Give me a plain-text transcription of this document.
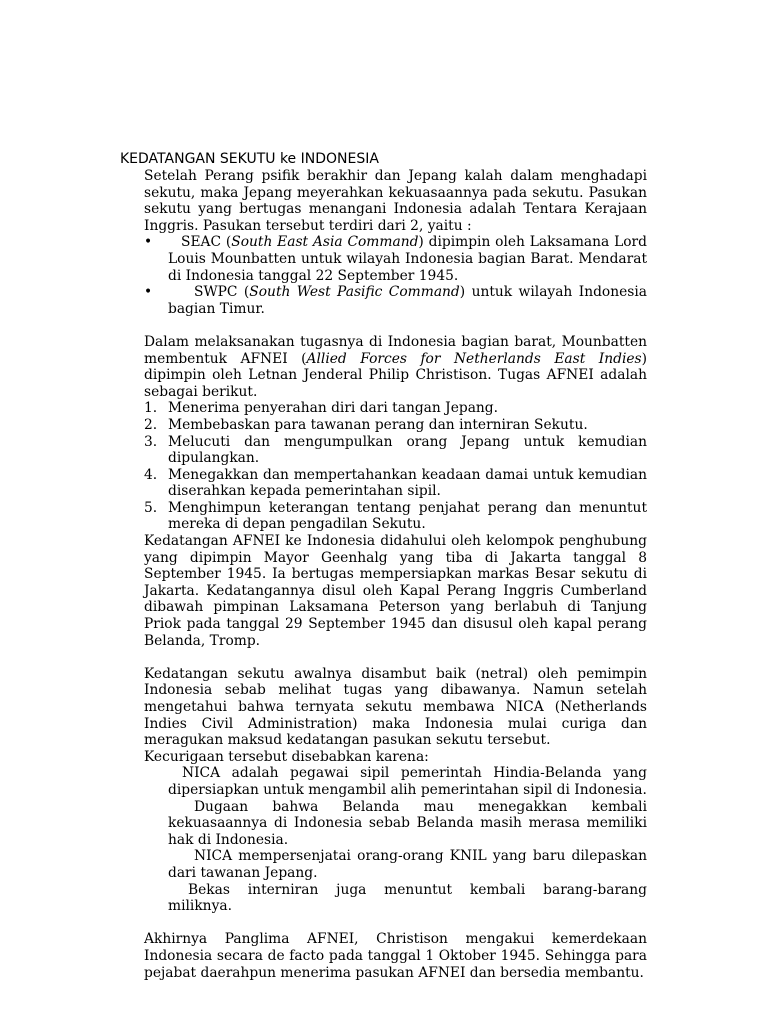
KEDATANGAN SEKUTU ke INDONESIA

Setelah Perang psifik berakhir dan Jepang kalah dalam menghadapi sekutu, maka Jepang meyerahkan kekuasaannya pada sekutu. Pasukan sekutu yang bertugas menangani Indonesia adalah Tentara Kerajaan Inggris. Pasukan tersebut terdiri dari 2, yaitu :

• SEAC (South East Asia Command) dipimpin oleh Laksamana Lord Louis Mounbatten untuk wilayah Indonesia bagian Barat. Mendarat di Indonesia tanggal 22 September 1945.
•	SWPC (South West Pasific Command) untuk wilayah Indonesia bagian Timur.

Dalam melaksanakan tugasnya di Indonesia bagian barat, Mounbatten membentuk AFNEI (Allied Forces for Netherlands East Indies) dipimpin oleh Letnan Jenderal Philip Christison. Tugas AFNEI adalah sebagai berikut.

1. Menerima penyerahan diri dari tangan Jepang.
2. Membebaskan para tawanan perang dan interniran Sekutu.
3. Melucuti dan mengumpulkan orang Jepang untuk kemudian dipulangkan.
4. Menegakkan dan mempertahankan keadaan damai untuk kemudian diserahkan kepada pemerintahan sipil.
5. Menghimpun keterangan tentang penjahat perang dan menuntut mereka di depan pengadilan Sekutu.

Kedatangan AFNEI ke Indonesia didahului oleh kelompok penghubung yang dipimpin Mayor Geenhalg yang tiba di Jakarta tanggal 8 September 1945. Ia bertugas mempersiapkan markas Besar sekutu di Jakarta. Kedatangannya disul oleh Kapal Perang Inggris Cumberland dibawah pimpinan Laksamana Peterson yang berlabuh di Tanjung Priok pada tanggal 29 September 1945 dan disusul oleh kapal perang Belanda, Tromp.

Kedatangan sekutu awalnya disambut baik (netral) oleh pemimpin Indonesia sebab melihat tugas yang dibawanya. Namun setelah mengetahui bahwa ternyata sekutu membawa NICA (Netherlands Indies Civil Administration) maka Indonesia mulai curiga dan meragukan maksud kedatangan pasukan sekutu tersebut.

Kecurigaan tersebut disebabkan karena:

NICA adalah pegawai sipil pemerintah Hindia-Belanda yang dipersiapkan untuk mengambil alih pemerintahan sipil di Indonesia.
Dugaan bahwa Belanda mau menegakkan kembali kekuasaannya di Indonesia sebab Belanda masih merasa memiliki hak di Indonesia.
NICA mempersenjatai orang-orang KNIL yang baru dilepaskan dari tawanan Jepang.
Bekas interniran juga menuntut kembali barang-barang miliknya.

Akhirnya Panglima AFNEI, Christison mengakui kemerdekaan Indonesia secara de facto pada tanggal 1 Oktober 1945. Sehingga para pejabat daerahpun menerima pasukan AFNEI dan bersedia membantu.
